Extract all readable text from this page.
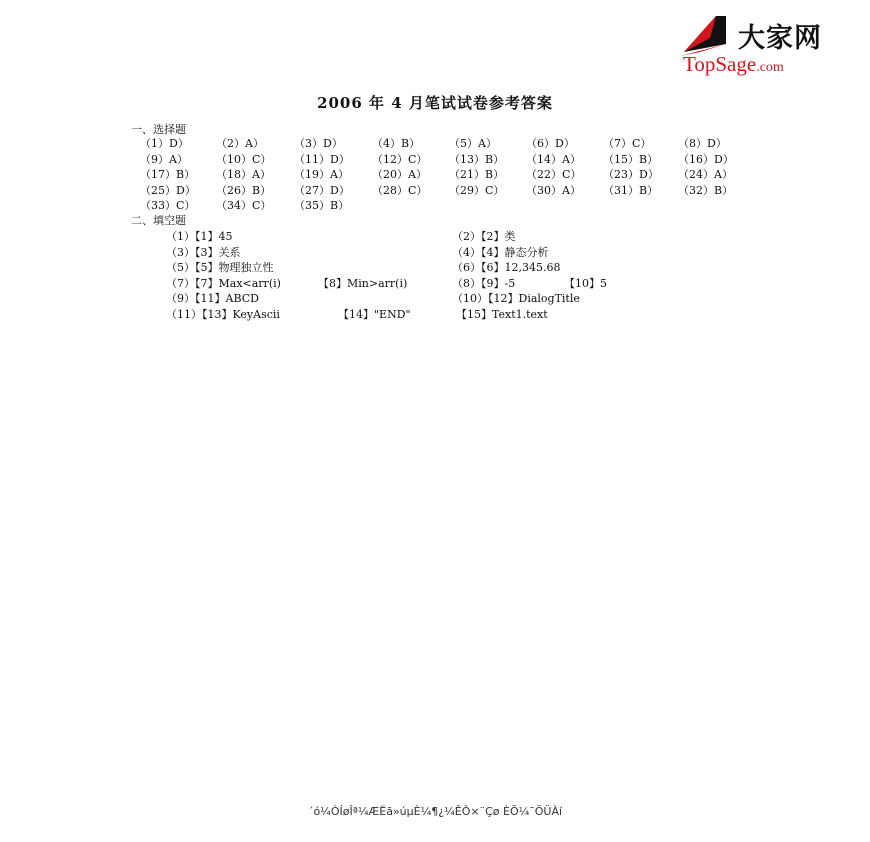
大家网
TopSage.com
2006 年 4 月笔试试卷参考答案
一、选择题
（1）D） （2）A）	（3）D）	（4）B）	（5）A）	（6）D）	（7）C） （8）D）
（9）A）	（10）C） （11）D） （12）C） （13）B） （14）A） （15）B） （16）D）
（17）B） （18）A） （19）A） （20）A） （21）B） （22）C） （23）D） （24）A）
（25）D） （26）B） （27）D） （28）C） （29）C） （30）A） （31）B） （32）B）
（33）C） （34）C） （35）B）
二、填空题
（1）【1】45	（2）【2】类
（3）【3】关系	（4）【4】静态分析
（5）【5】物理独立性	（6）【6】12,345.68
（7）【7】Max<arr(i)	【8】Min>arr(i)	（8）【9】-5	【10】5
（9）【11】ABCD	（10）【12】DialogTitle
（11）【13】KeyAscii	【14】"END"	【15】Text1.text
´ó¼ÒÍøÎª¼ÆËã»úµÈ¼¶¿¼ÊÔ×¨Çø ÈÕ¼¯ÖÜÀí
